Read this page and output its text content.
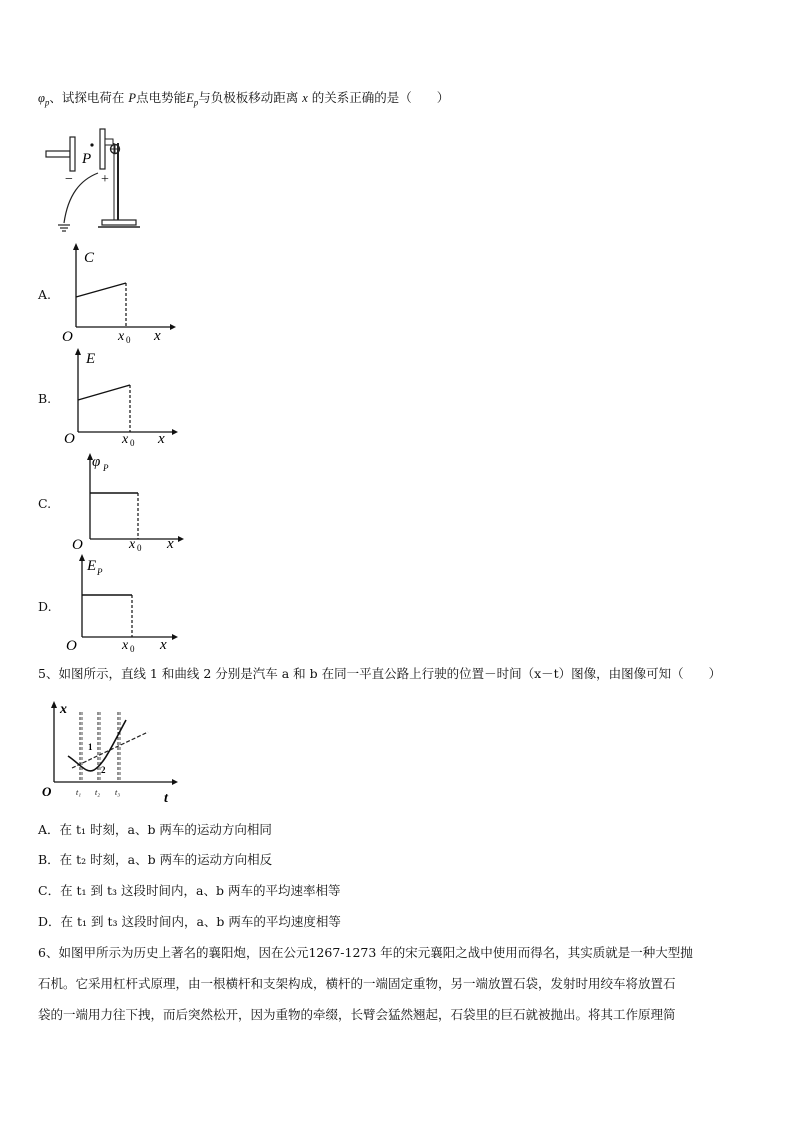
$\varphi_p$、试探电荷在 P点电势能$E_p$与负极板移动距离 x 的关系正确的是（　　）
P
− +
A.
C
O	x 0 x
B.
E
O	x 0 x
C.
φ P
O	x 0 x
D.
E P
O	x 0 x
5、如图所示，直线 1 和曲线 2 分别是汽车 a 和 b 在同一平直公路上行驶的位置－时间（x－t）图像，由图像可知（　　）
x
t
O
1
2
t₁ t₂ t₃
A．在 t₁ 时刻，a、b 两车的运动方向相同
B．在 t₂ 时刻，a、b 两车的运动方向相反
C．在 t₁ 到 t₃ 这段时间内，a、b 两车的平均速率相等
D．在 t₁ 到 t₃ 这段时间内，a、b 两车的平均速度相等
6、如图甲所示为历史上著名的襄阳炮，因在公元1267-1273 年的宋元襄阳之战中使用而得名，其实质就是一种大型抛
石机。它采用杠杆式原理，由一根横杆和支架构成，横杆的一端固定重物，另一端放置石袋，发射时用绞车将放置石
袋的一端用力往下拽，而后突然松开，因为重物的牵缀，长臂会猛然翘起，石袋里的巨石就被抛出。将其工作原理简
